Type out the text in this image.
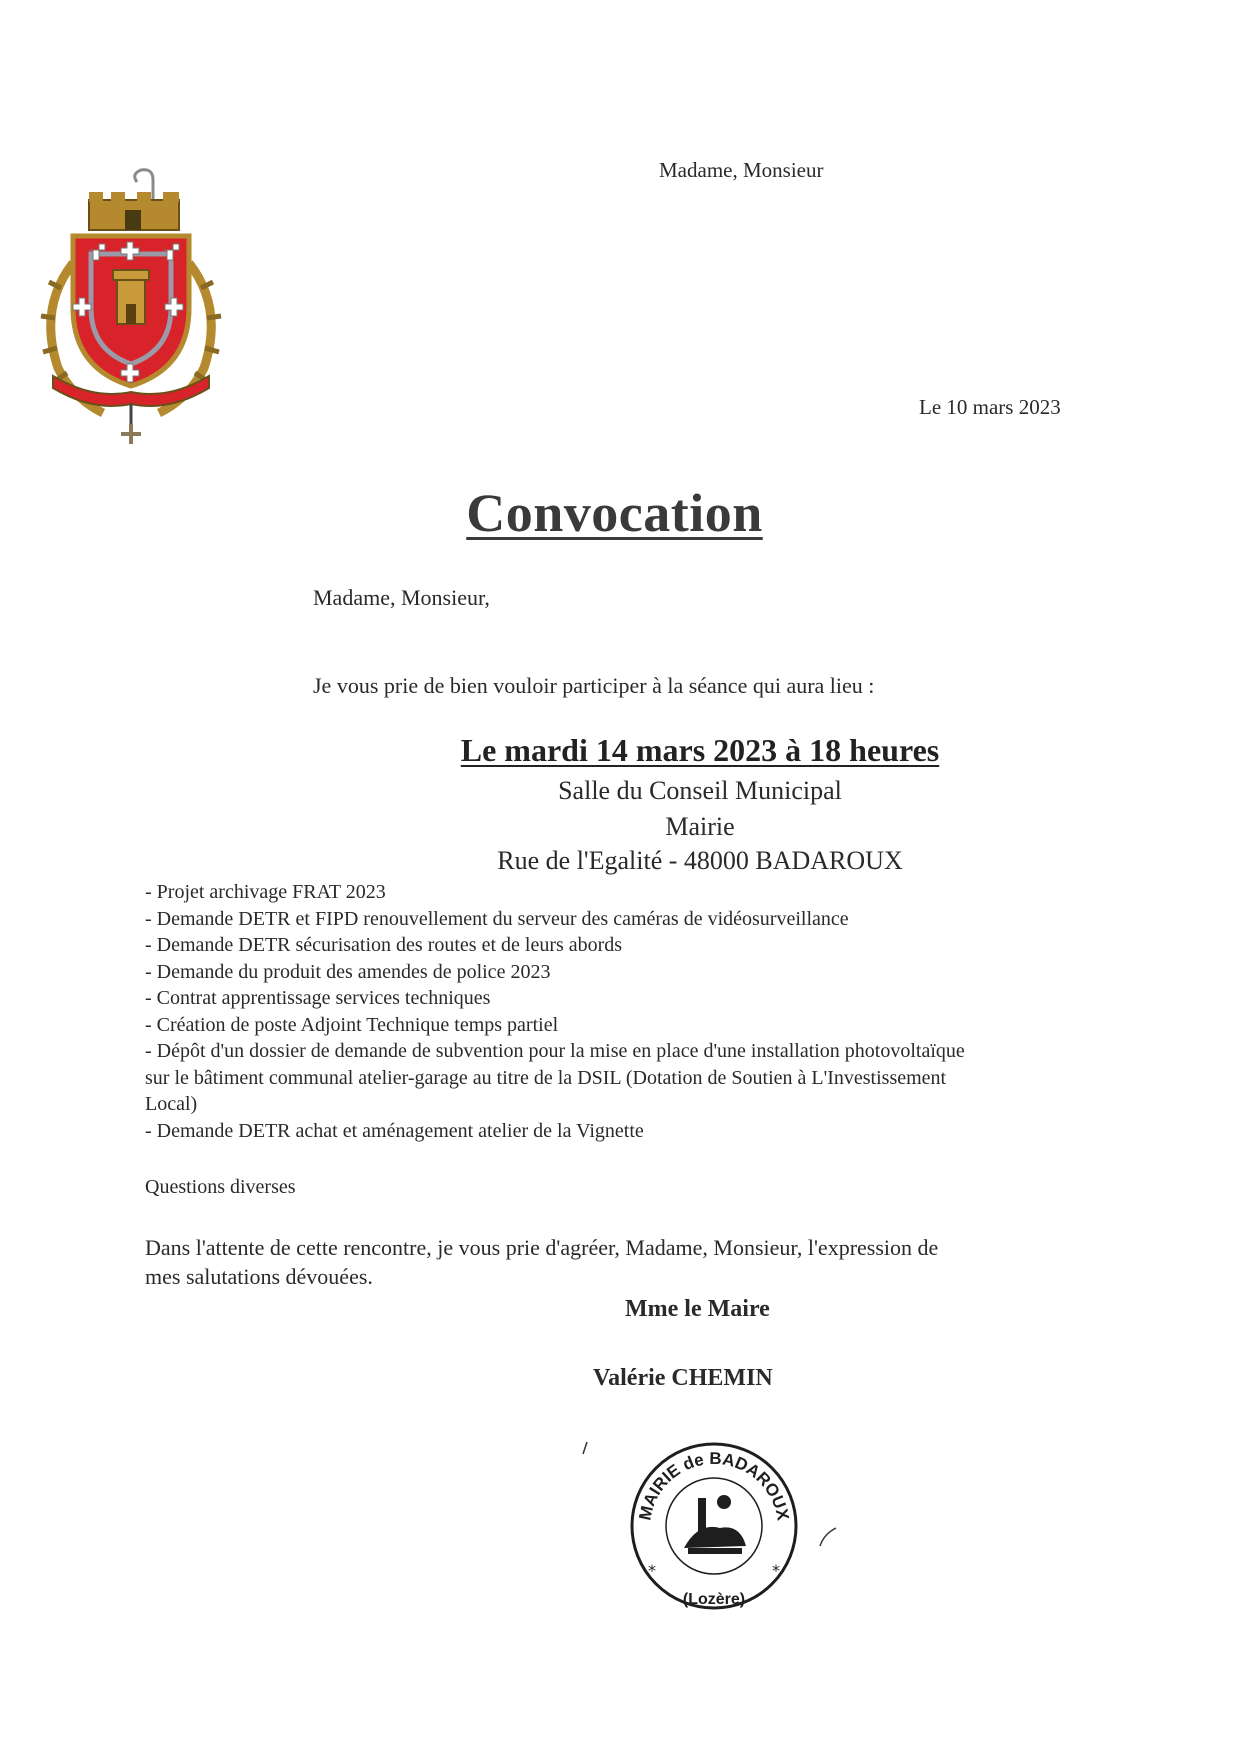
Madame, Monsieur
Le 10 mars 2023
Convocation
Madame, Monsieur,
Je vous prie de bien vouloir participer à la séance qui aura lieu :
Le mardi 14 mars 2023 à 18 heures
Salle du Conseil Municipal
Mairie
Rue de l'Egalité - 48000 BADAROUX
- Projet archivage FRAT 2023
- Demande DETR et FIPD renouvellement du serveur des caméras de vidéosurveillance
- Demande DETR sécurisation des routes et de leurs abords
- Demande du produit des amendes de police 2023
- Contrat apprentissage services techniques
- Création de poste Adjoint Technique temps partiel
- Dépôt d'un dossier de demande de subvention pour la mise en place d'une installation photovoltaïque
sur le bâtiment communal atelier-garage au titre de la DSIL (Dotation de Soutien à L'Investissement
Local)
- Demande DETR achat et aménagement atelier de la Vignette
Questions diverses
Dans l'attente de cette rencontre, je vous prie d'agréer, Madame, Monsieur, l'expression de
mes salutations dévouées.
Mme le Maire
Valérie CHEMIN
MAIRIE de BADAROUX
(Lozère)
*	*
